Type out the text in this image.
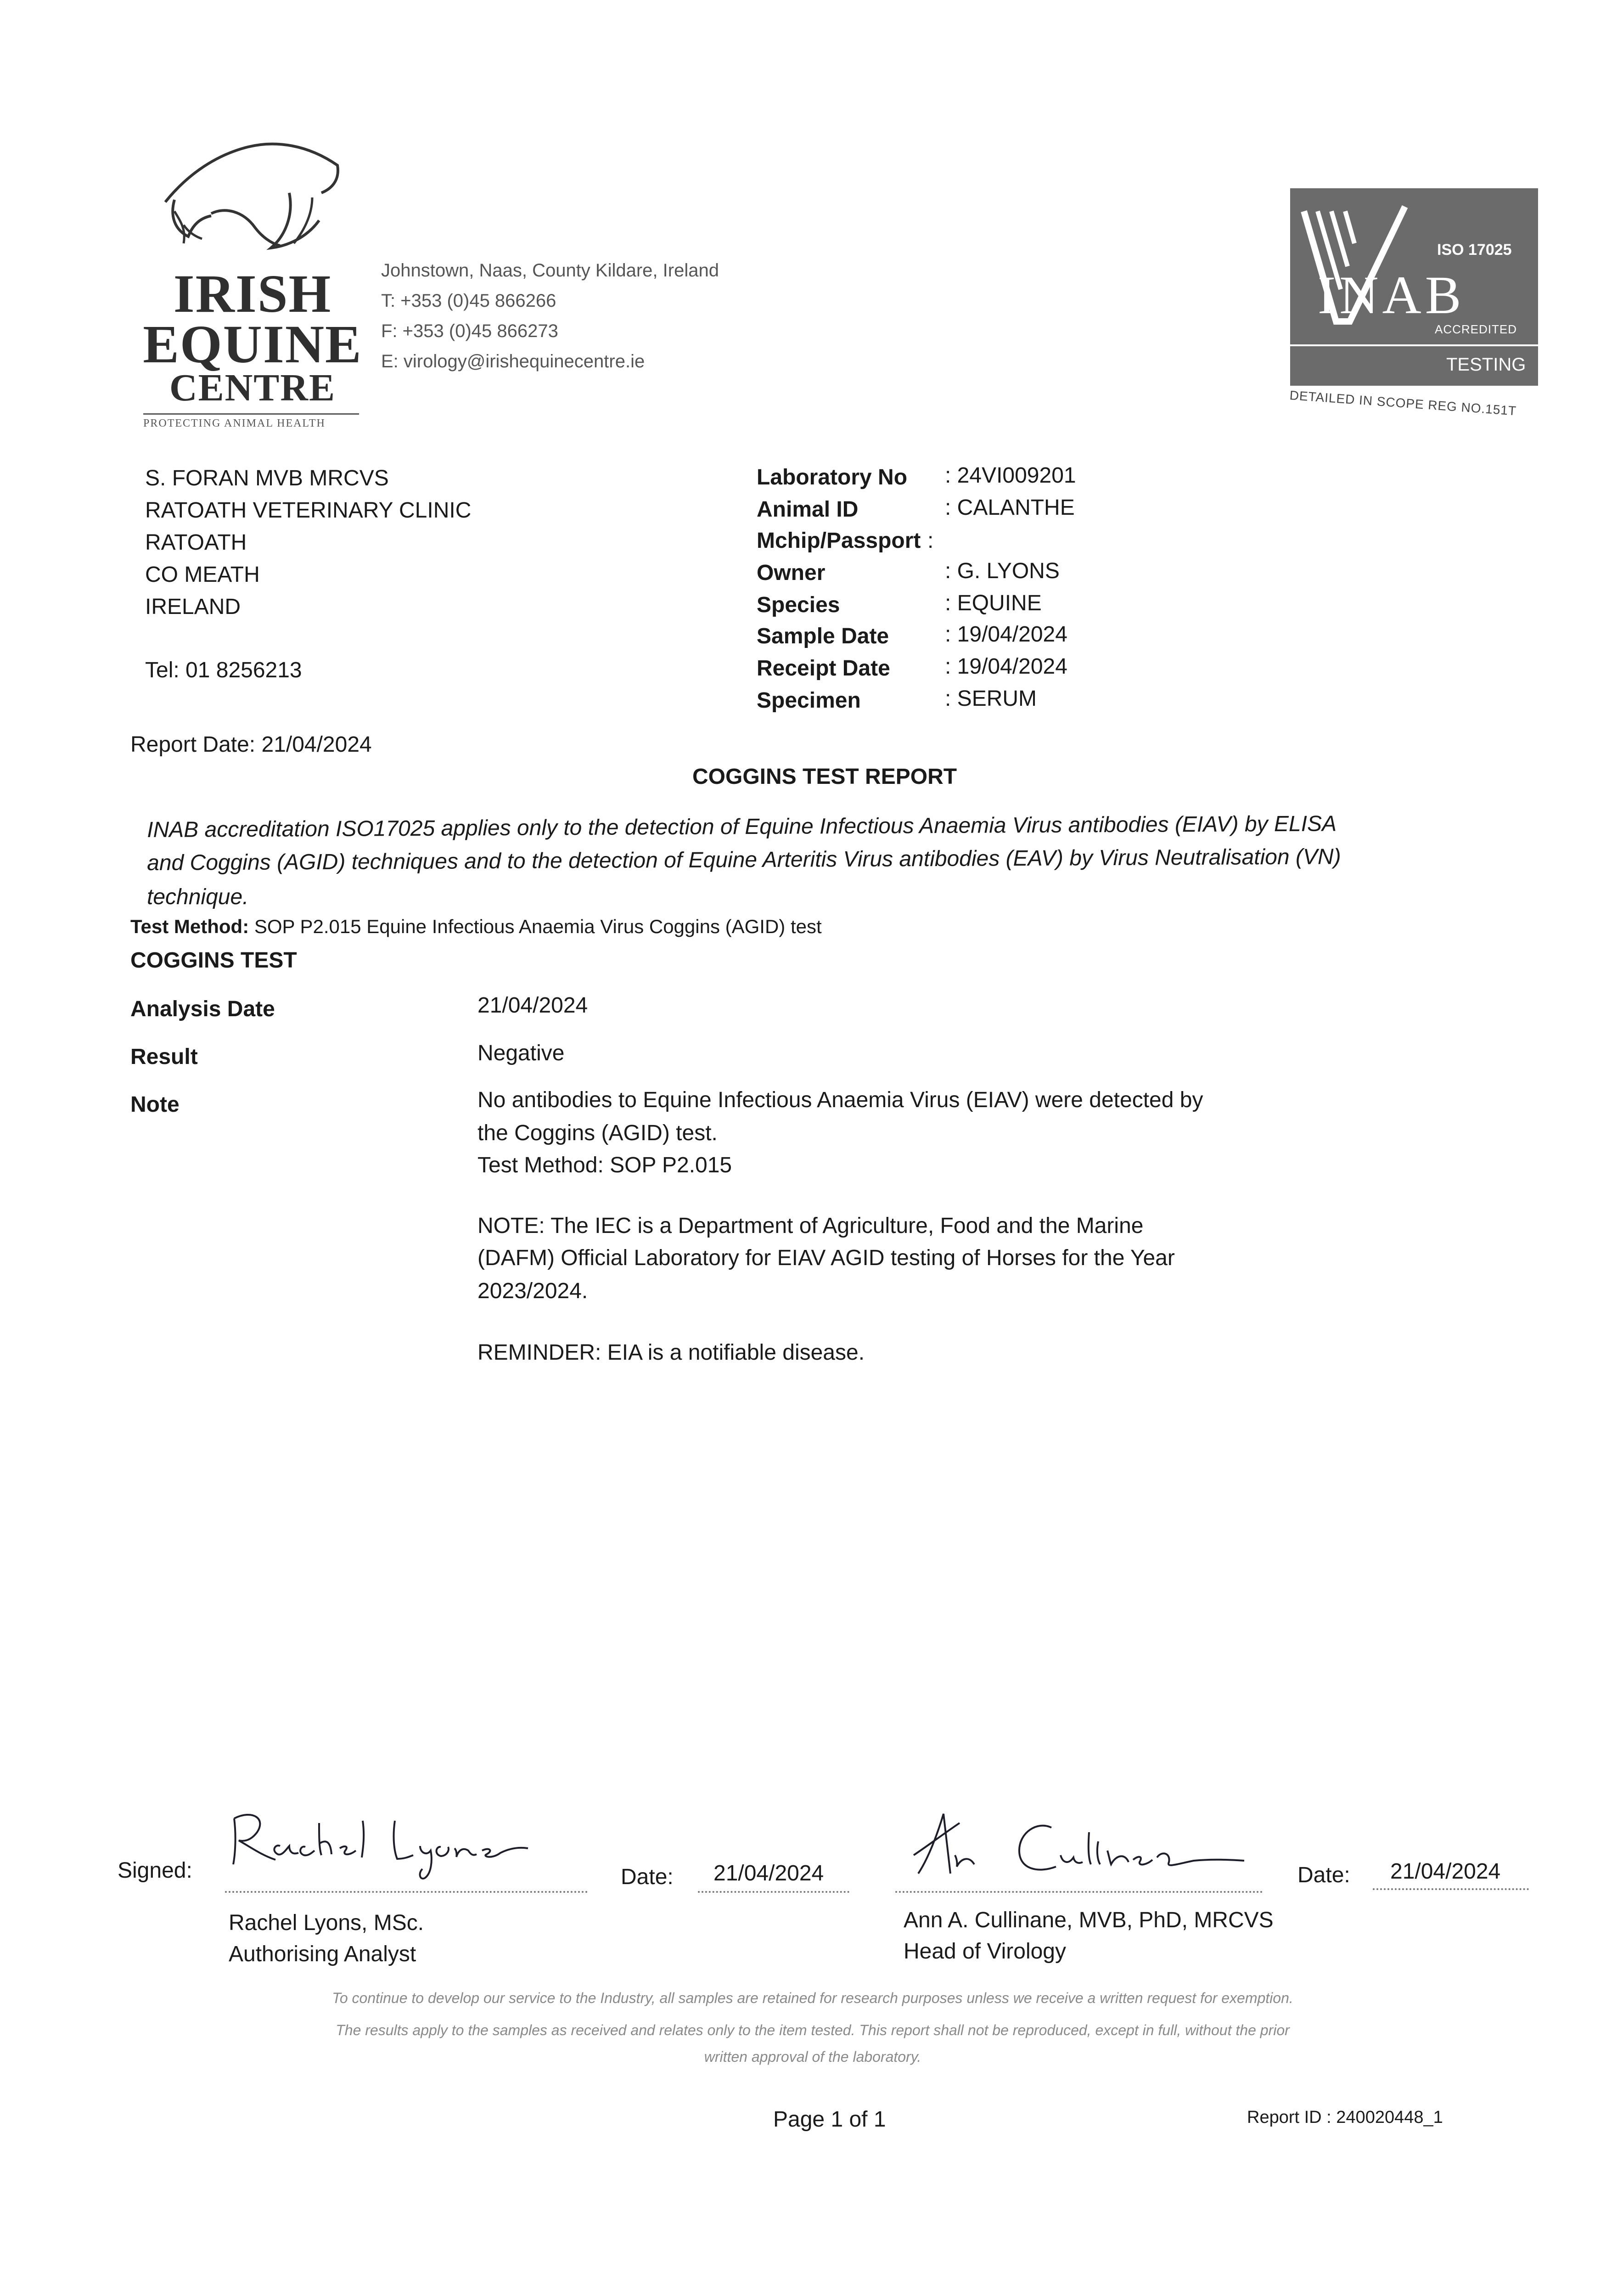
IRISH
EQUINE
CENTRE
PROTECTING ANIMAL HEALTH
Johnstown, Naas, County Kildare, Ireland
T: +353 (0)45 866266
F: +353 (0)45 866273
E: virology@irishequinecentre.ie
ISO 17025
INAB
ACCREDITED
TESTING
DETAILED IN SCOPE REG NO.151T
S. FORAN MVB MRCVS
RATOATH VETERINARY CLINIC
RATOATH
CO MEATH
IRELAND
Tel: 01 8256213
Laboratory No : 24VI009201
Animal ID	: CALANTHE
Mchip/Passport :
Owner	: G. LYONS
Species	: EQUINE
Sample Date	: 19/04/2024
Receipt Date : 19/04/2024
Specimen	: SERUM
Report Date: 21/04/2024
COGGINS TEST REPORT
INAB accreditation ISO17025 applies only to the detection of Equine Infectious Anaemia Virus antibodies (EIAV) by ELISA
and Coggins (AGID) techniques and to the detection of Equine Arteritis Virus antibodies (EAV) by Virus Neutralisation (VN)
technique.
Test Method: SOP P2.015 Equine Infectious Anaemia Virus Coggins (AGID) test
COGGINS TEST
Analysis Date	21/04/2024
Result	Negative
Note	No antibodies to Equine Infectious Anaemia Virus (EIAV) were detected by
the Coggins (AGID) test.
Test Method: SOP P2.015
NOTE: The IEC is a Department of Agriculture, Food and the Marine
(DAFM) Official Laboratory for EIAV AGID testing of Horses for the Year
2023/2024.
REMINDER: EIA is a notifiable disease.
Signed:	Date: 21/04/2024
Rachel Lyons, MSc.
Authorising Analyst
Date: 21/04/2024
Ann A. Cullinane, MVB, PhD, MRCVS
Head of Virology
To continue to develop our service to the Industry, all samples are retained for research purposes unless we receive a written request for exemption.
The results apply to the samples as received and relates only to the item tested. This report shall not be reproduced, except in full, without the prior
written approval of the laboratory.
Page 1 of 1	Report ID : 240020448_1
